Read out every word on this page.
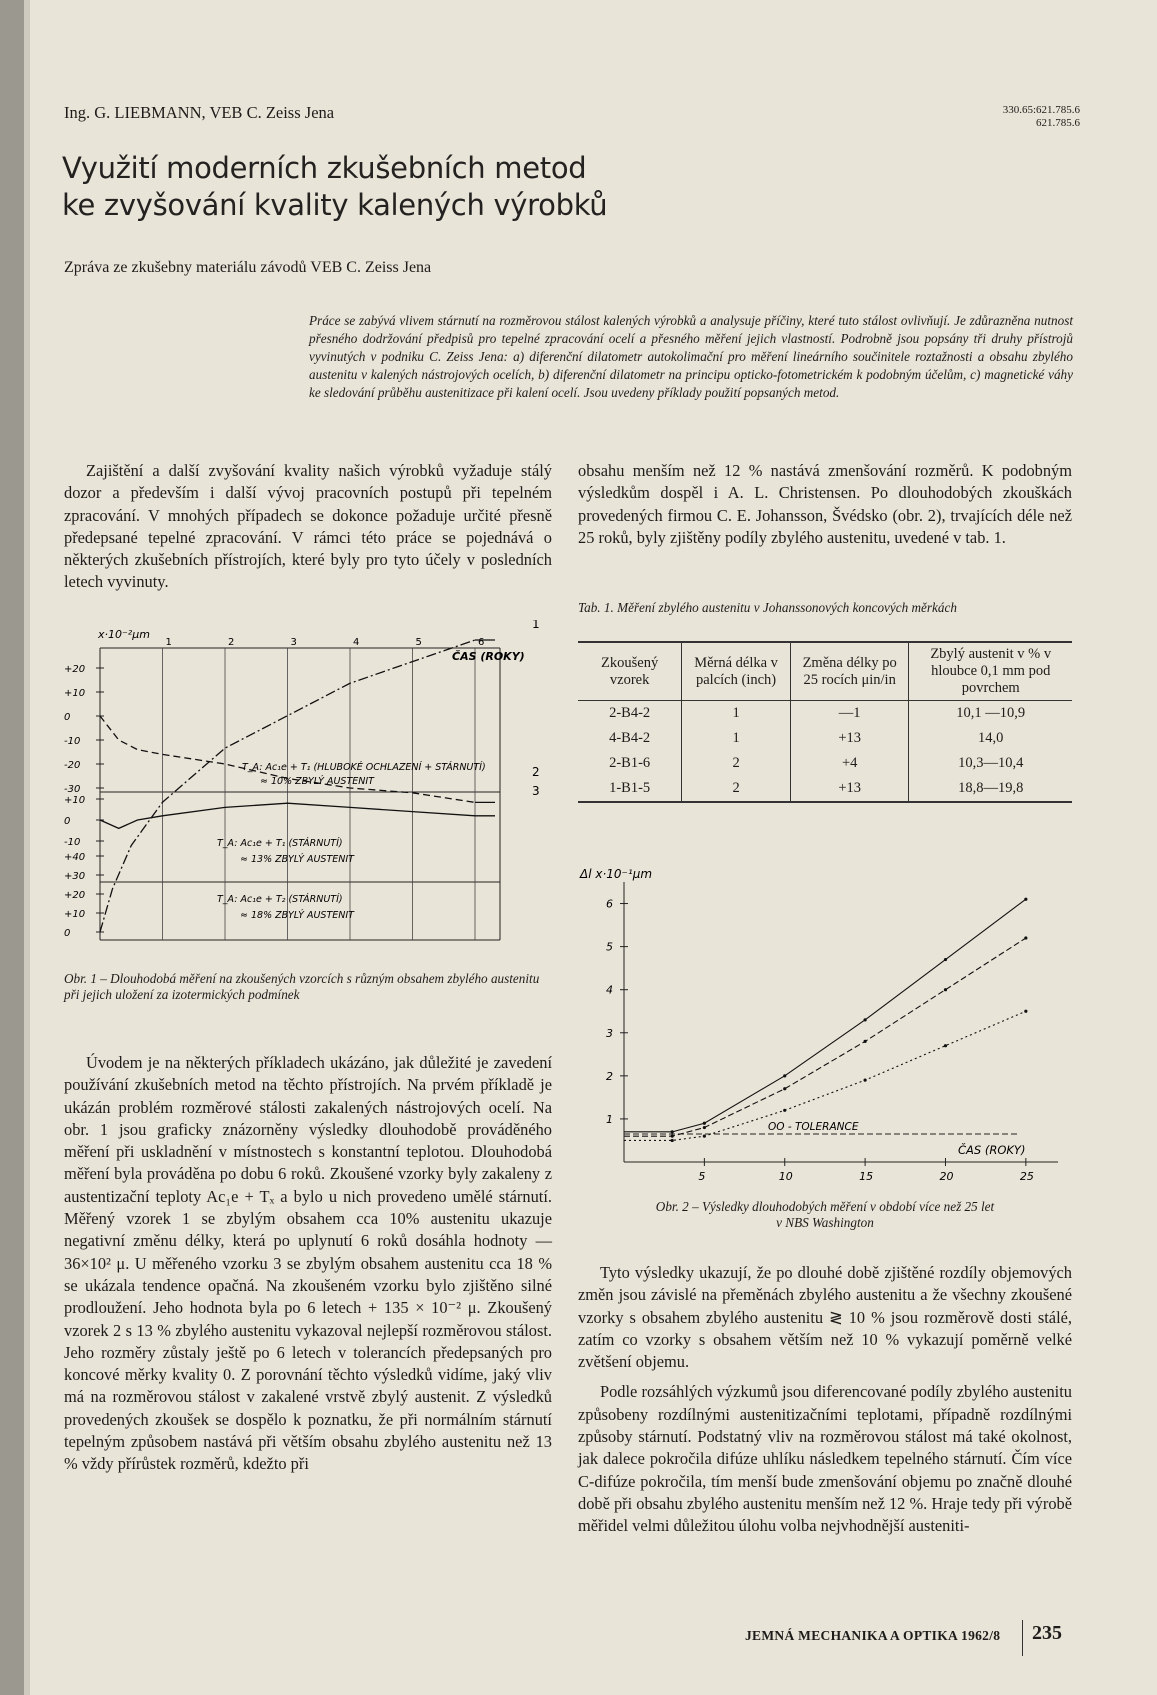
Ing. G. LIEBMANN, VEB C. Zeiss Jena	330.65:621.785.6
621.785.6
Využití moderních zkušebních metod
ke zvyšování kvality kalených výrobků
Zpráva ze zkušebny materiálu závodů VEB C. Zeiss Jena
Práce se zabývá vlivem stárnutí na rozměrovou stálost kalených výrobků a analysuje příčiny, které tuto stálost ovlivňují. Je zdůrazněna nutnost přesného dodržování předpisů pro tepelné zpracování ocelí a přesného měření jejich vlastností. Podrobně jsou popsány tři druhy přístrojů vyvinutých v podniku C. Zeiss Jena: a) diferenční dilatometr autokolimační pro měření lineárního součinitele roztažnosti a obsahu zbylého austenitu v kalených nástrojových ocelích, b) diferenční dilatometr na principu opticko-fotometrickém k podobným účelům, c) magnetické váhy ke sledování průběhu austenitizace při kalení ocelí. Jsou uvedeny příklady použití popsaných metod.

Zajištění a další zvyšování kvality našich výrobků vyžaduje stálý dozor a především i další vývoj pracovních postupů při tepelném zpracování. V mnohých případech se dokonce požaduje určité přesně předepsané tepelné zpracování. V rámci této práce se pojednává o některých zkušebních přístrojích, které byly pro tyto účely v posledních letech vyvinuty.

1	2	3	4	5	6
+20
+10
0
-10
-20
-30
+10
0
-10
+40
+30
+20
+10
0
x·10⁻²μm
ČAS (ROKY)
T_A: Ac₁e + T₁ (HLUBOKÉ OCHLAZENÍ + STÁRNUTÍ)
≈ 10% ZBYLÝ AUSTENIT
T_A: Ac₁e + T₁ (STÁRNUTÍ)
≈ 13% ZBYLÝ AUSTENIT
T_A: Ac₁e + T₂ (STÁRNUTÍ)
≈ 18% ZBYLÝ AUSTENIT
1
2
3
Obr. 1 – Dlouhodobá měření na zkoušených vzorcích s různým obsahem zbylého austenitu při jejich uložení za izotermických podmínek

Úvodem je na některých příkladech ukázáno, jak důležité je zavedení používání zkušebních metod na těchto přístrojích. Na prvém příkladě je ukázán problém rozměrové stálosti zakalených nástrojových ocelí. Na obr. 1 jsou graficky znázorněny výsledky dlouhodobě prováděného měření při uskladnění v místnostech s konstantní teplotou. Dlouhodobá měření byla prováděna po dobu 6 roků. Zkoušené vzorky byly zakaleny z austentizační teploty Ac₁e + Tₓ a bylo u nich provedeno umělé stárnutí. Měřený vzorek 1 se zbylým obsahem cca 10% austenitu ukazuje negativní změnu délky, která po uplynutí 6 roků dosáhla hodnoty — 36×10² μ. U měřeného vzorku 3 se zbylým obsahem austenitu cca 18 % se ukázala tendence opačná. Na zkoušeném vzorku bylo zjištěno silné prodloužení. Jeho hodnota byla po 6 letech + 135 × 10⁻² μ. Zkoušený vzorek 2 s 13 % zbylého austenitu vykazoval nejlepší rozměrovou stálost. Jeho rozměry zůstaly ještě po 6 letech v tolerancích předepsaných pro koncové měrky kvality 0. Z porovnání těchto výsledků vidíme, jaký vliv má na rozměrovou stálost v zakalené vrstvě zbylý austenit. Z výsledků provedených zkoušek se dospělo k poznatku, že při normálním stárnutí tepelným způsobem nastává při větším obsahu zbylého austenitu než 13 % vždy přírůstek rozměrů, kdežto při

obsahu menším než 12 % nastává zmenšování rozměrů. K podobným výsledkům dospěl i A. L. Christensen. Po dlouhodobých zkouškách provedených firmou C. E. Johansson, Švédsko (obr. 2), trvajících déle než 25 roků, byly zjištěny podíly zbylého austenitu, uvedené v tab. 1.

Tab. 1. Měření zbylého austenitu v Johanssonových koncových měrkách
Zkoušený vzorek	Měrná délka v palcích (inch)	Změna délky po 25 rocích μin/in	Zbylý austenit v % v hloubce 0,1 mm pod povrchem
2-B4-2	1	—1	10,1 —10,9
4-B4-2	1	+13	14,0
2-B1-6	2	+4	10,3—10,4
1-B1-5	2	+13	18,8—19,8
5	10	15	20	25
1
2
3
4
5
6
Δl x·10⁻¹μm
ČAS (ROKY)
OO - TOLERANCE
Obr. 2 – Výsledky dlouhodobých měření v období více než 25 let
v NBS Washington

Tyto výsledky ukazují, že po dlouhé době zjištěné rozdíly objemových změn jsou závislé na přeměnách zbylého austenitu a že všechny zkoušené vzorky s obsahem zbylého austenitu ≷ 10 % jsou rozměrově dosti stálé, zatím co vzorky s obsahem větším než 10 % vykazují poměrně velké zvětšení objemu.

Podle rozsáhlých výzkumů jsou diferencované podíly zbylého austenitu způsobeny rozdílnými austenitizačními teplotami, případně rozdílnými způsoby stárnutí. Podstatný vliv na rozměrovou stálost má také okolnost, jak dalece pokročila difúze uhlíku následkem tepelného stárnutí. Čím více C-difúze pokročila, tím menší bude zmenšování objemu po značně dlouhé době při obsahu zbylého austenitu menším než 12 %. Hraje tedy při výrobě měřidel velmi důležitou úlohu volba nejvhodnější austeniti-

JEMNÁ MECHANIKA A OPTIKA 1962/8 235
